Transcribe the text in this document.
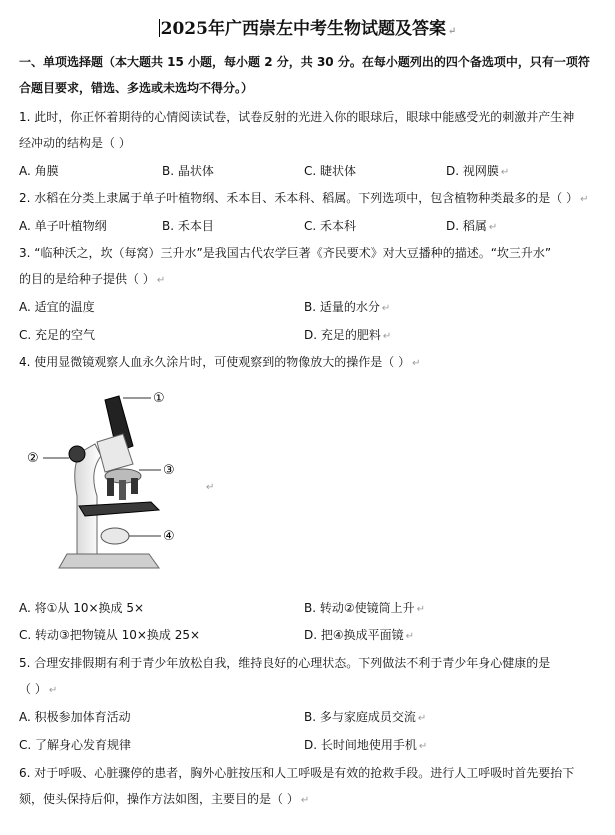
2025年广西崇左中考生物试题及答案 ↵
一、单项选择题（本大题共 15 小题，每小题 2 分，共 30 分。在每小题列出的四个备选项中，只有一项符
合题目要求，错选、多选或未选均不得分。）
1. 此时，你正怀着期待的心情阅读试卷，试卷反射的光进入你的眼球后，眼球中能感受光的刺激并产生神
经冲动的结构是（ ）
A. 角膜	B. 晶状体	C. 睫状体	D. 视网膜 ↵
2. 水稻在分类上隶属于单子叶植物纲、禾本目、禾本科、稻属。下列选项中，包含植物种类最多的是（ ） ↵
A. 单子叶植物纲	B. 禾本目	C. 禾本科	D. 稻属 ↵
3. “临种沃之，坎（每窝）三升水”是我国古代农学巨著《齐民要术》对大豆播种的描述。“坎三升水”
的目的是给种子提供（ ） ↵
A. 适宜的温度	B. 适量的水分 ↵
C. 充足的空气	D. 充足的肥料 ↵
4. 使用显微镜观察人血永久涂片时，可使观察到的物像放大的操作是（ ） ↵
①
②
③
④
↵
A. 将①从 10×换成 5×	B. 转动②使镜筒上升 ↵
C. 转动③把物镜从 10×换成 25×	D. 把④换成平面镜 ↵
5. 合理安排假期有利于青少年放松自我，维持良好的心理状态。下列做法不利于青少年身心健康的是
（ ） ↵
A. 积极参加体育活动	B. 多与家庭成员交流 ↵
C. 了解身心发育规律	D. 长时间地使用手机 ↵
6. 对于呼吸、心脏骤停的患者，胸外心脏按压和人工呼吸是有效的抢救手段。进行人工呼吸时首先要抬下
颏，使头保持后仰，操作方法如图，主要目的是（ ） ↵
